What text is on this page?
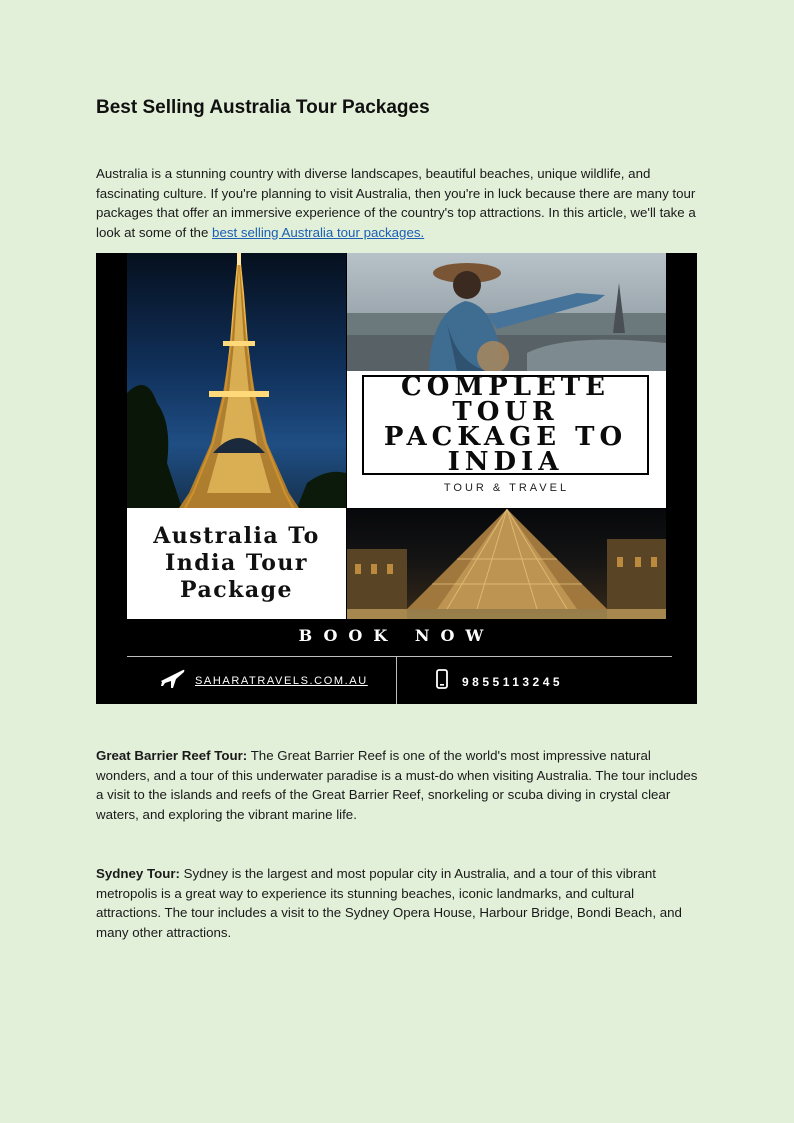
Best Selling Australia Tour Packages

Australia is a stunning country with diverse landscapes, beautiful beaches, unique wildlife, and fascinating culture. If you're planning to visit Australia, then you're in luck because there are many tour packages that offer an immersive experience of the country's top attractions. In this article, we'll take a look at some of the best selling Australia tour packages.

Great Barrier Reef Tour: The Great Barrier Reef is one of the world's most impressive natural wonders, and a tour of this underwater paradise is a must-do when visiting Australia. The tour includes a visit to the islands and reefs of the Great Barrier Reef, snorkeling or scuba diving in crystal clear waters, and exploring the vibrant marine life.

Sydney Tour: Sydney is the largest and most popular city in Australia, and a tour of this vibrant metropolis is a great way to experience its stunning beaches, iconic landmarks, and cultural attractions. The tour includes a visit to the Sydney Opera House, Harbour Bridge, Bondi Beach, and many other attractions.

COMPLETE TOUR PACKAGE TO INDIA
TOUR & TRAVEL
Australia To India Tour Package
BOOK NOW
SAHARATRAVELS.COM.AU	9855113245
